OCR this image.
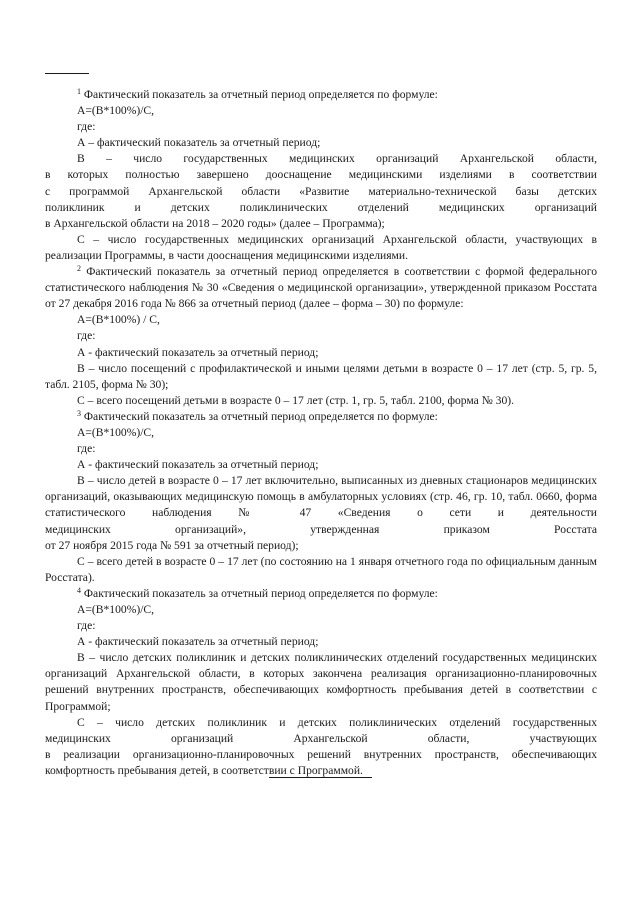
$^1$ Фактический показатель за отчетный период определяется по формуле:

A=(B*100%)/C,

где:

А – фактический показатель за отчетный период;

В – число государственных медицинских организаций Архангельской области,

в которых полностью завершено дооснащение медицинскими изделиями в соответствии

с программой Архангельской области «Развитие материально-технической базы детских

поликлиник и детских поликлинических отделений медицинских организаций

в Архангельской области на 2018 – 2020 годы» (далее – Программа);

С – число государственных медицинских организаций Архангельской области, участвующих в реализации Программы, в части дооснащения медицинскими изделиями.

$^2$ Фактический показатель за отчетный период определяется в соответствии с формой федерального статистического наблюдения № 30 «Сведения о медицинской организации», утвержденной приказом Росстата от 27 декабря 2016 года № 866 за отчетный период (далее – форма – 30) по формуле:

А=(В*100%) / С,

где:

А - фактический показатель за отчетный период;

В – число посещений с профилактической и иными целями детьми в возрасте 0 – 17 лет (стр. 5, гр. 5, табл. 2105, форма № 30);

С – всего посещений детьми в возрасте 0 – 17 лет (стр. 1, гр. 5, табл. 2100, форма № 30).

$^3$ Фактический показатель за отчетный период определяется по формуле:

A=(B*100%)/C,

где:

А - фактический показатель за отчетный период;

В – число детей в возрасте 0 – 17 лет включительно, выписанных из дневных стационаров медицинских организаций, оказывающих медицинскую помощь в амбулаторных условиях (стр. 46, гр. 10, табл. 0660, форма статистического наблюдения № 47 «Сведения о сети и деятельности

медицинских организаций», утвержденная приказом Росстата

от 27 ноября 2015 года № 591 за отчетный период);

С – всего детей в возрасте 0 – 17 лет (по состоянию на 1 января отчетного года по официальным данным Росстата).

$^4$ Фактический показатель за отчетный период определяется по формуле:

A=(B*100%)/C,

где:

А - фактический показатель за отчетный период;

В – число детских поликлиник и детских поликлинических отделений государственных медицинских организаций Архангельской области, в которых закончена реализация организационно-планировочных решений внутренних пространств, обеспечивающих комфортность пребывания детей в соответствии с Программой;

С – число детских поликлиник и детских поликлинических отделений государственных

медицинских организаций Архангельской области, участвующих

в реализации организационно-планировочных решений внутренних пространств, обеспечивающих комфортность пребывания детей, в соответствии с Программой.
